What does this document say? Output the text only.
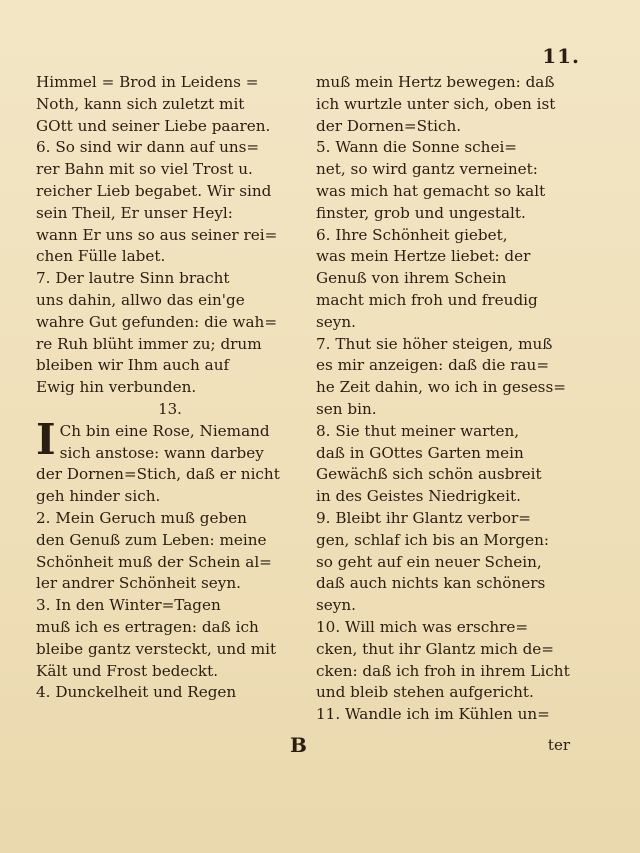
11.
Himmel = Brod in Leidens =
Noth, kann sich zuletzt mit
GOtt und seiner Liebe paaren.
6. So sind wir dann auf uns=
rer Bahn mit so viel Trost u.
reicher Lieb begabet. Wir sind
sein Theil, Er unser Heyl:
wann Er uns so aus seiner rei=
chen Fülle labet.
7. Der lautre Sinn bracht
uns dahin, allwo das ein'ge
wahre Gut gefunden: die wah=
re Ruh blüht immer zu; drum
bleiben wir Ihm auch auf
Ewig hin verbunden.
13.
I Ch bin eine Rose, Niemand
sich anstose: wann darbey
der Dornen=Stich, daß er nicht
geh hinder sich.
2. Mein Geruch muß geben
den Genuß zum Leben: meine
Schönheit muß der Schein al=
ler andrer Schönheit seyn.
3. In den Winter=Tagen
muß ich es ertragen: daß ich
bleibe gantz versteckt, und mit
Kält und Frost bedeckt.
4. Dunckelheit und Regen
muß mein Hertz bewegen: daß
ich wurtzle unter sich, oben ist
der Dornen=Stich.
5. Wann die Sonne schei=
net, so wird gantz verneinet:
was mich hat gemacht so kalt
finster, grob und ungestalt.
6. Ihre Schönheit giebet,
was mein Hertze liebet: der
Genuß von ihrem Schein
macht mich froh und freudig
seyn.
7. Thut sie höher steigen, muß
es mir anzeigen: daß die rau=
he Zeit dahin, wo ich in gesess=
sen bin.
8. Sie thut meiner warten,
daß in GOttes Garten mein
Gewächß sich schön ausbreit
in des Geistes Niedrigkeit.
9. Bleibt ihr Glantz verbor=
gen, schlaf ich bis an Morgen:
so geht auf ein neuer Schein,
daß auch nichts kan schöners
seyn.
10. Will mich was erschre=
cken, thut ihr Glantz mich de=
cken: daß ich froh in ihrem Licht
und bleib stehen aufgericht.
11. Wandle ich im Kühlen un=
B	ter
